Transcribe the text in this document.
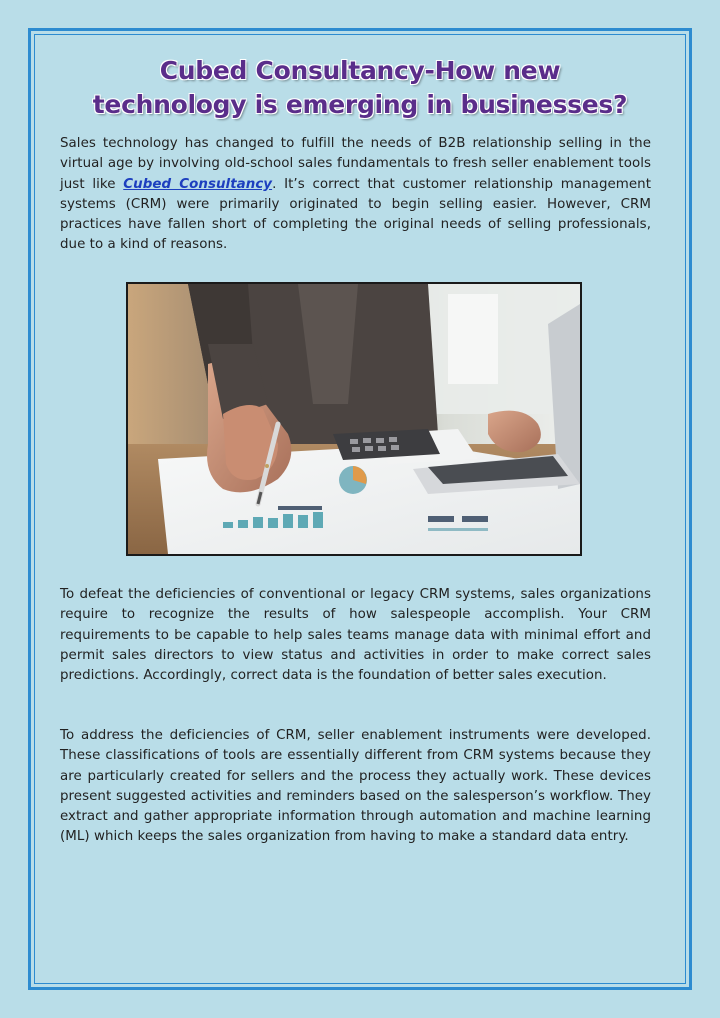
Cubed Consultancy-How new
technology is emerging in businesses?

Sales technology has changed to fulfill the needs of B2B relationship selling in the virtual age by involving old-school sales fundamentals to fresh seller enablement tools just like Cubed Consultancy. It’s correct that customer relationship management systems (CRM) were primarily originated to begin selling easier. However, CRM practices have fallen short of completing the original needs of selling professionals, due to a kind of reasons.

To defeat the deficiencies of conventional or legacy CRM systems, sales organizations require to recognize the results of how salespeople accomplish. Your CRM requirements to be capable to help sales teams manage data with minimal effort and permit sales directors to view status and activities in order to make correct sales predictions. Accordingly, correct data is the foundation of better sales execution.

To address the deficiencies of CRM, seller enablement instruments were developed. These classifications of tools are essentially different from CRM systems because they are particularly created for sellers and the process they actually work. These devices present suggested activities and reminders based on the salesperson’s workflow. They extract and gather appropriate information through automation and machine learning (ML) which keeps the sales organization from having to make a standard data entry.
